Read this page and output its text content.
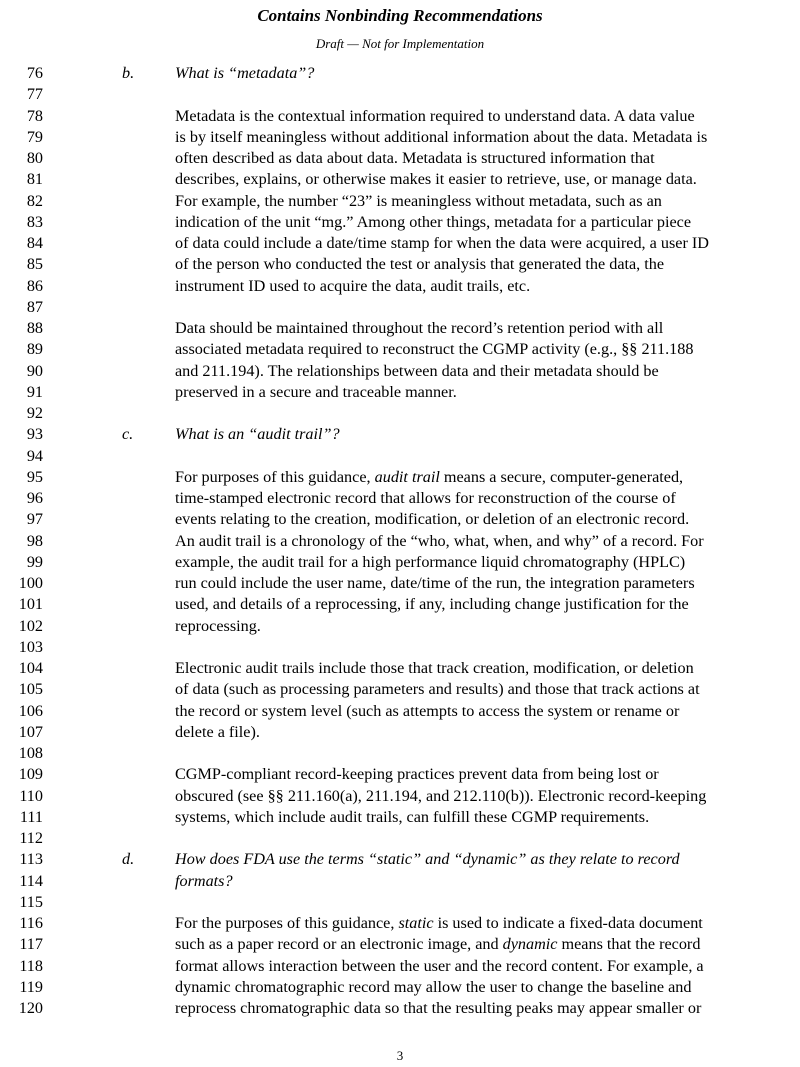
Contains Nonbinding Recommendations
Draft — Not for Implementation
76	b.	What is “metadata”?
77
78	Metadata is the contextual information required to understand data. A data value
79	is by itself meaningless without additional information about the data. Metadata is
80	often described as data about data. Metadata is structured information that
81	describes, explains, or otherwise makes it easier to retrieve, use, or manage data.
82	For example, the number “23” is meaningless without metadata, such as an
83	indication of the unit “mg.” Among other things, metadata for a particular piece
84	of data could include a date/time stamp for when the data were acquired, a user ID
85	of the person who conducted the test or analysis that generated the data, the
86	instrument ID used to acquire the data, audit trails, etc.
87
88	Data should be maintained throughout the record’s retention period with all
89	associated metadata required to reconstruct the CGMP activity (e.g., §§ 211.188
90	and 211.194). The relationships between data and their metadata should be
91	preserved in a secure and traceable manner.
92
93	c.	What is an “audit trail”?
94
95	For purposes of this guidance, audit trail means a secure, computer-generated,
96	time-stamped electronic record that allows for reconstruction of the course of
97	events relating to the creation, modification, or deletion of an electronic record.
98	An audit trail is a chronology of the “who, what, when, and why” of a record. For
99	example, the audit trail for a high performance liquid chromatography (HPLC)
100	run could include the user name, date/time of the run, the integration parameters
101	used, and details of a reprocessing, if any, including change justification for the
102	reprocessing.
103
104	Electronic audit trails include those that track creation, modification, or deletion
105	of data (such as processing parameters and results) and those that track actions at
106	the record or system level (such as attempts to access the system or rename or
107	delete a file).
108
109	CGMP-compliant record-keeping practices prevent data from being lost or
110	obscured (see §§ 211.160(a), 211.194, and 212.110(b)). Electronic record-keeping
111	systems, which include audit trails, can fulfill these CGMP requirements.
112
113	d.	How does FDA use the terms “static” and “dynamic” as they relate to record
114	formats?
115
116	For the purposes of this guidance, static is used to indicate a fixed-data document
117	such as a paper record or an electronic image, and dynamic means that the record
118	format allows interaction between the user and the record content. For example, a
119	dynamic chromatographic record may allow the user to change the baseline and
120	reprocess chromatographic data so that the resulting peaks may appear smaller or
3
